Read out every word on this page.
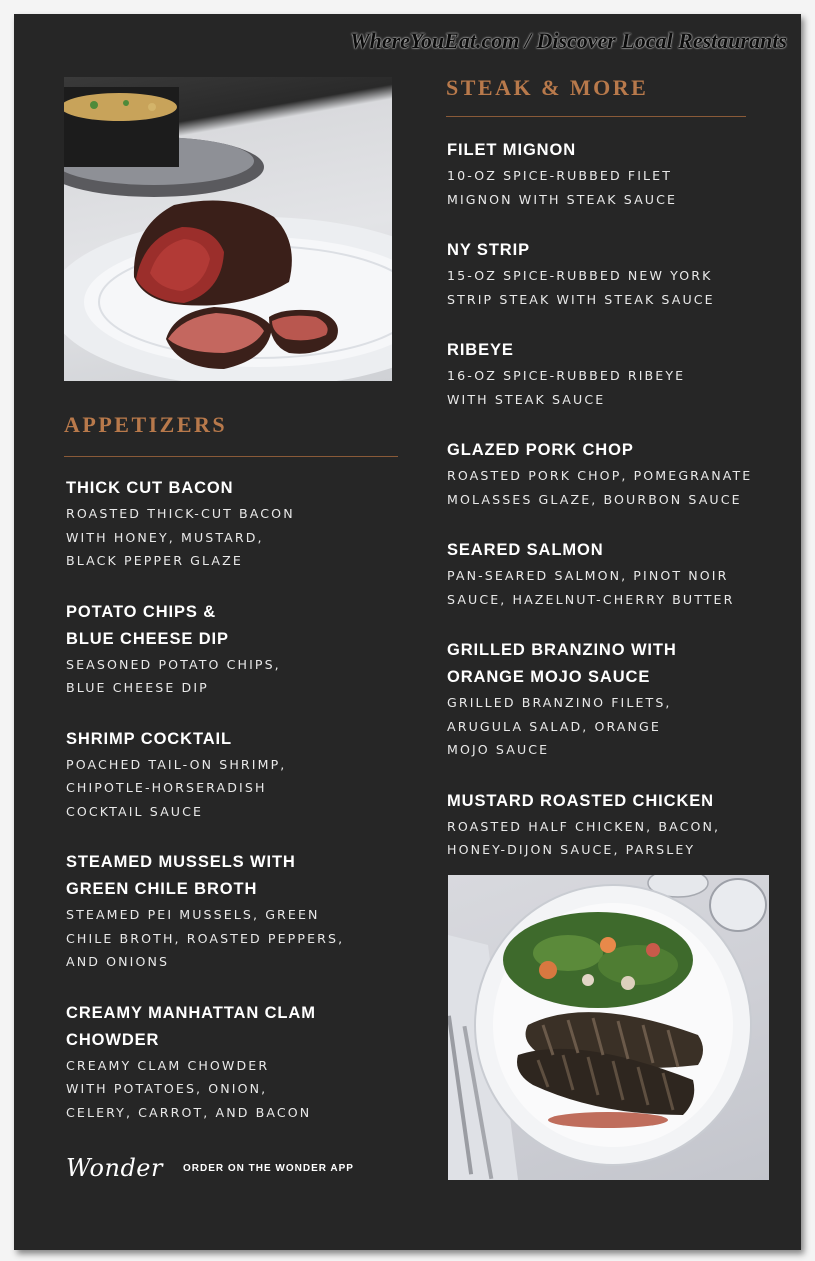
WhereYouEat.com / Discover Local Restaurants
APPETIZERS

THICK CUT BACON

ROASTED THICK-CUT BACON
WITH HONEY, MUSTARD,
BLACK PEPPER GLAZE

POTATO CHIPS &
BLUE CHEESE DIP

SEASONED POTATO CHIPS,
BLUE CHEESE DIP

SHRIMP COCKTAIL

POACHED TAIL-ON SHRIMP,
CHIPOTLE-HORSERADISH
COCKTAIL SAUCE

STEAMED MUSSELS WITH
GREEN CHILE BROTH

STEAMED PEI MUSSELS, GREEN
CHILE BROTH, ROASTED PEPPERS,
AND ONIONS

CREAMY MANHATTAN CLAM
CHOWDER

CREAMY CLAM CHOWDER
WITH POTATOES, ONION,
CELERY, CARROT, AND BACON

STEAK & MORE

FILET MIGNON

10-OZ SPICE-RUBBED FILET
MIGNON WITH STEAK SAUCE

NY STRIP

15-OZ SPICE-RUBBED NEW YORK
STRIP STEAK WITH STEAK SAUCE

RIBEYE

16-OZ SPICE-RUBBED RIBEYE
WITH STEAK SAUCE

GLAZED PORK CHOP

ROASTED PORK CHOP, POMEGRANATE
MOLASSES GLAZE, BOURBON SAUCE

SEARED SALMON

PAN-SEARED SALMON, PINOT NOIR
SAUCE, HAZELNUT-CHERRY BUTTER

GRILLED BRANZINO WITH
ORANGE MOJO SAUCE

GRILLED BRANZINO FILETS,
ARUGULA SALAD, ORANGE
MOJO SAUCE

MUSTARD ROASTED CHICKEN

ROASTED HALF CHICKEN, BACON,
HONEY-DIJON SAUCE, PARSLEY

Wonder ORDER ON THE WONDER APP
